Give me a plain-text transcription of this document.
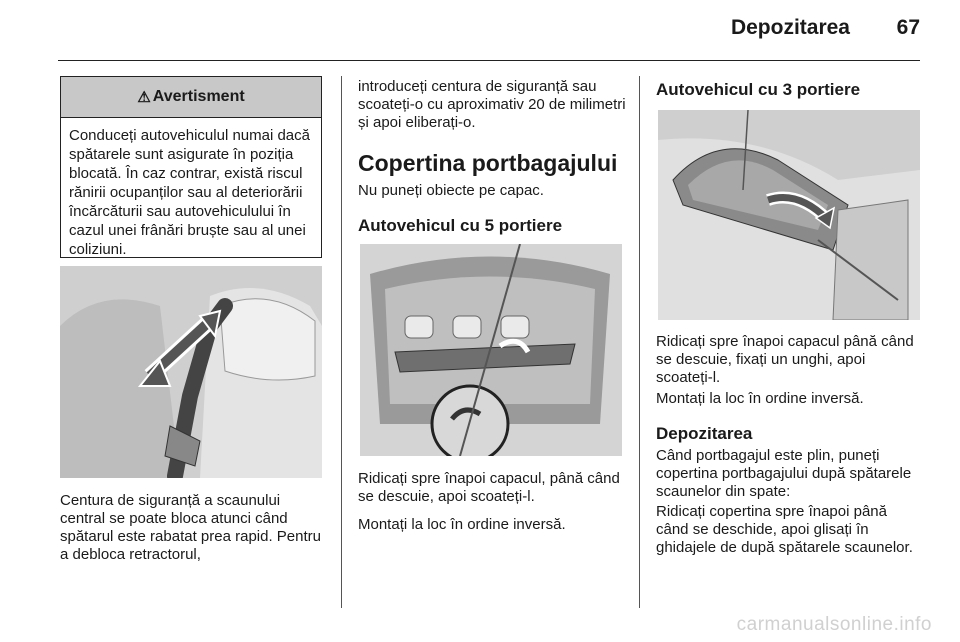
Depozitarea 67
⚠ Avertisment
Conduceți autovehiculul numai dacă spătarele sunt asigurate în poziția blocată. În caz contrar, există riscul rănirii ocupanților sau al deteriorării încărcăturii sau autovehiculului în cazul unei frânări bruște sau al unei coliziuni.
Centura de siguranță a scaunului central se poate bloca atunci când spătarul este rabatat prea rapid. Pentru a debloca retractorul,
introduceți centura de siguranță sau scoateți-o cu aproximativ 20 de milimetri și apoi eliberați-o.
Copertina portbagajului
Nu puneți obiecte pe capac.
Autovehicul cu 5 portiere
Ridicați spre înapoi capacul, până când se descuie, apoi scoateți-l.
Montați la loc în ordine inversă.
Autovehicul cu 3 portiere
Ridicați spre înapoi capacul până când se descuie, fixați un unghi, apoi scoateți-l.
Montați la loc în ordine inversă.
Depozitarea
Când portbagajul este plin, puneți copertina portbagajului după spătarele scaunelor din spate:
Ridicați copertina spre înapoi până când se deschide, apoi glisați în ghidajele de după spătarele scaunelor.
carmanualsonline.info
